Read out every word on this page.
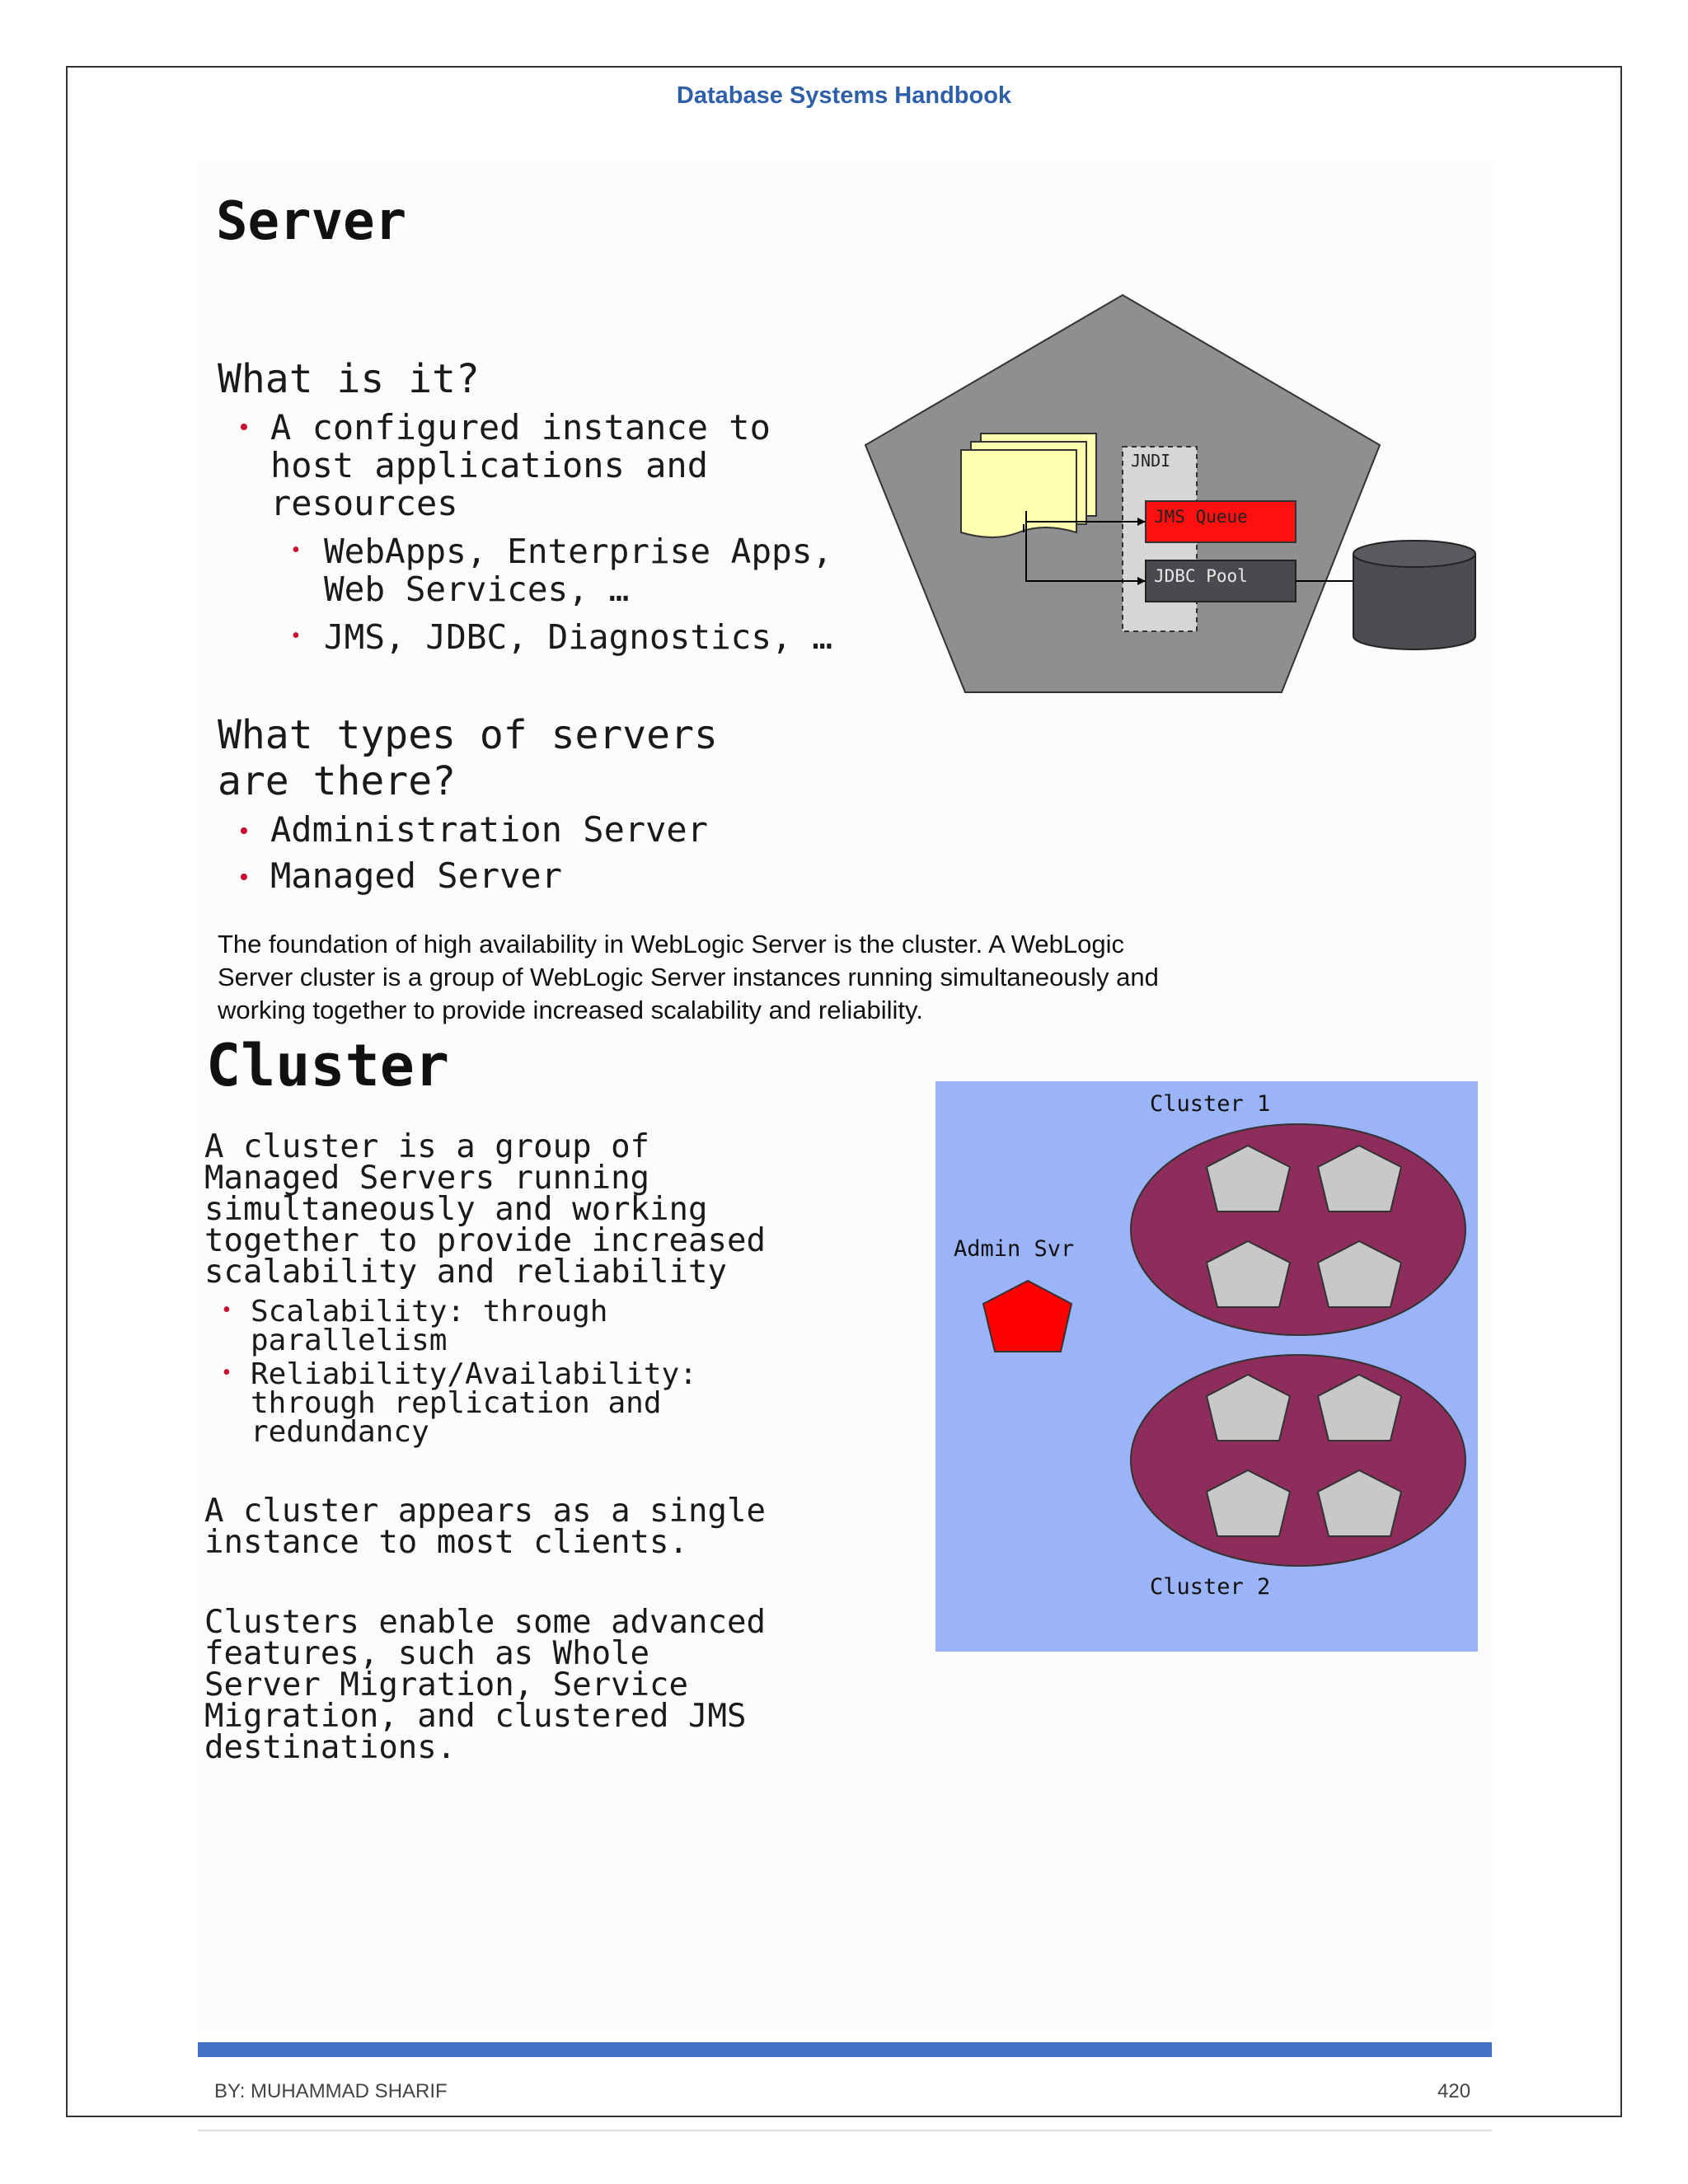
Database Systems Handbook
Server
What is it?
• A configured instance to
host applications and
resources
• WebApps, Enterprise Apps,
Web Services, …
• JMS, JDBC, Diagnostics, …
What types of servers
are there?
• Administration Server
• Managed Server
JNDI
JMS Queue
JDBC Pool
The foundation of high availability in WebLogic Server is the cluster. A WebLogic
Server cluster is a group of WebLogic Server instances running simultaneously and
working together to provide increased scalability and reliability.
Cluster
A cluster is a group of
Managed Servers running
simultaneously and working
together to provide increased
scalability and reliability
• Scalability: through
parallelism
• Reliability/Availability:
through replication and
redundancy
A cluster appears as a single
instance to most clients.
Clusters enable some advanced
features, such as Whole
Server Migration, Service
Migration, and clustered JMS
destinations.
Cluster 1
Admin Svr
Cluster 2
BY: MUHAMMAD SHARIF	420
